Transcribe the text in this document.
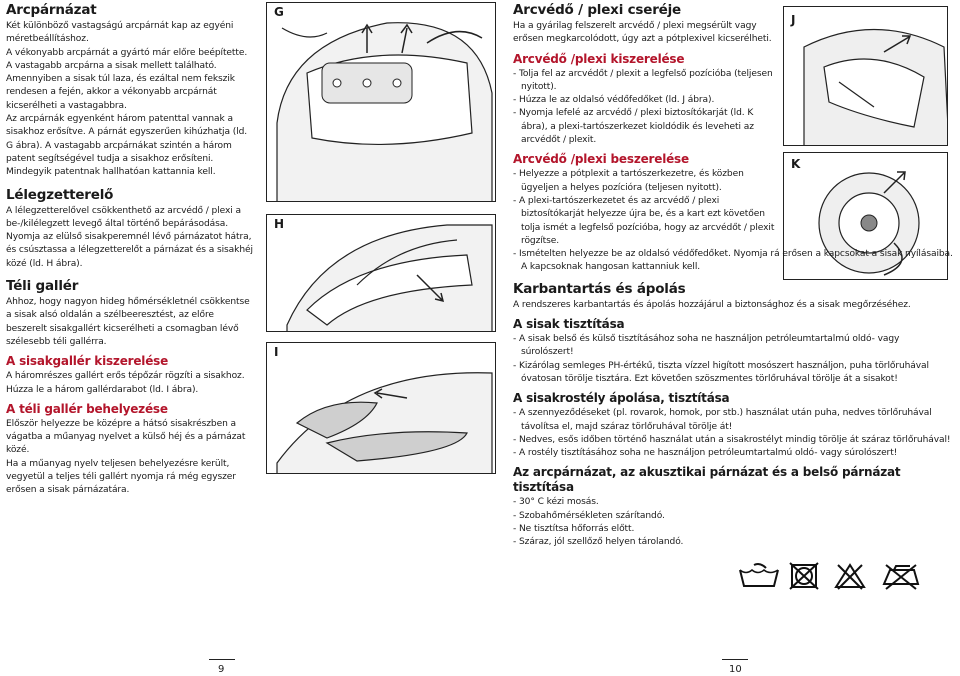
Arcpárnázat

Két különböző vastagságú arcpárnát kap az egyéni méretbeállításhoz.

A vékonyabb arcpárnát a gyártó már előre beépítette. A vastagabb arcpárna a sisak mellett található.

Amennyiben a sisak túl laza, és ezáltal nem fekszik rendesen a fején, akkor a vékonyabb arcpárnát kicserélheti a vastagabbra.

Az arcpárnák egyenként három patenttal vannak a sisakhoz erősítve. A párnát egyszerűen kihúzhatja (ld. G ábra). A vastagabb arcpárnákat szintén a három patent segítségével tudja a sisakhoz erősíteni. Mindegyik patentnak hallhatóan kattannia kell.

Lélegzetterelő

A lélegzetterelővel csökkenthető az arcvédő / plexi a be-/kilélegzett levegő által történő bepárásodása.

Nyomja az elülső sisakperemnél lévő párnázatot hátra, és csúsztassa a lélegzetterelőt a párnázat és a sisakhéj közé (ld. H ábra).

Téli gallér

Ahhoz, hogy nagyon hideg hőmérsékletnél csökkentse a sisak alsó oldalán a szélbeeresztést, az előre beszerelt sisakgallért kicserélheti a csomagban lévő szélesebb téli gallérra.

A sisakgallér kiszerelése

A háromrészes gallért erős tépőzár rögzíti a sisakhoz. Húzza le a három gallérdarabot (ld. I ábra).

A téli gallér behelyezése

Először helyezze be középre a hátsó sisakrészben a vágatba a műanyag nyelvet a külső héj és a párnázat közé.

Ha a műanyag nyelv teljesen behelyezésre került, vegyetül a teljes téli gallért nyomja rá még egyszer erősen a sisak párnázatára.

G
H
I
J
K
Arcvédő / plexi cseréje

Ha a gyárilag felszerelt arcvédő / plexi megsérült vagy erősen megkarcolódott, úgy azt a pótplexivel kicserélheti.

Arcvédő /plexi kiszerelése
- Tolja fel az arcvédőt / plexit a legfelső pozícióba (teljesen nyitott).
- Húzza le az oldalsó védőfedőket (ld. J ábra).
- Nyomja lefelé az arcvédő / plexi biztosítókarját (ld. K ábra), a plexi-tartószerkezet kioldódik és leveheti az arcvédőt / plexit.
Arcvédő /plexi beszerelése
- Helyezze a pótplexit a tartószerkezetre, és közben ügyeljen a helyes pozícióra (teljesen nyitott).
- A plexi-tartószerkezetet és az arcvédő / plexi biztosítókarját helyezze újra be, és a kart ezt követően tolja ismét a legfelső pozícióba, hogy az arcvédőt / plexit rögzítse.
- Ismételten helyezze be az oldalsó védőfedőket. Nyomja rá erősen a kapcsokat a sisak nyílásaiba. A kapcsoknak hangosan kattanniuk kell.
Karbantartás és ápolás

A rendszeres karbantartás és ápolás hozzájárul a biztonsághoz és a sisak megőrzéséhez.

A sisak tisztítása
- A sisak belső és külső tisztításához soha ne használjon petróleumtartalmú oldó- vagy súrolószert!
- Kizárólag semleges PH-értékű, tiszta vízzel higított mosószert használjon, puha törlőruhával óvatosan törölje tisztára. Ezt követően szöszmentes törlőruhával törölje át a sisakot!
A sisakrostély ápolása, tisztítása
- A szennyeződéseket (pl. rovarok, homok, por stb.) használat után puha, nedves törlőruhával távolítsa el, majd száraz törlőruhával törölje át!
- Nedves, esős időben történő használat után a sisakrostélyt mindig törölje át száraz törlőruhával!
- A rostély tisztításához soha ne használjon petróleumtartalmú oldó- vagy súrolószert!
Az arcpárnázat, az akusztikai párnázat és a belső párnázat tisztítása
- 30° C kézi mosás.
- Szobahőmérsékleten szárítandó.
- Ne tisztítsa hőforrás előtt.
- Száraz, jól szellőző helyen tárolandó.
9	10
